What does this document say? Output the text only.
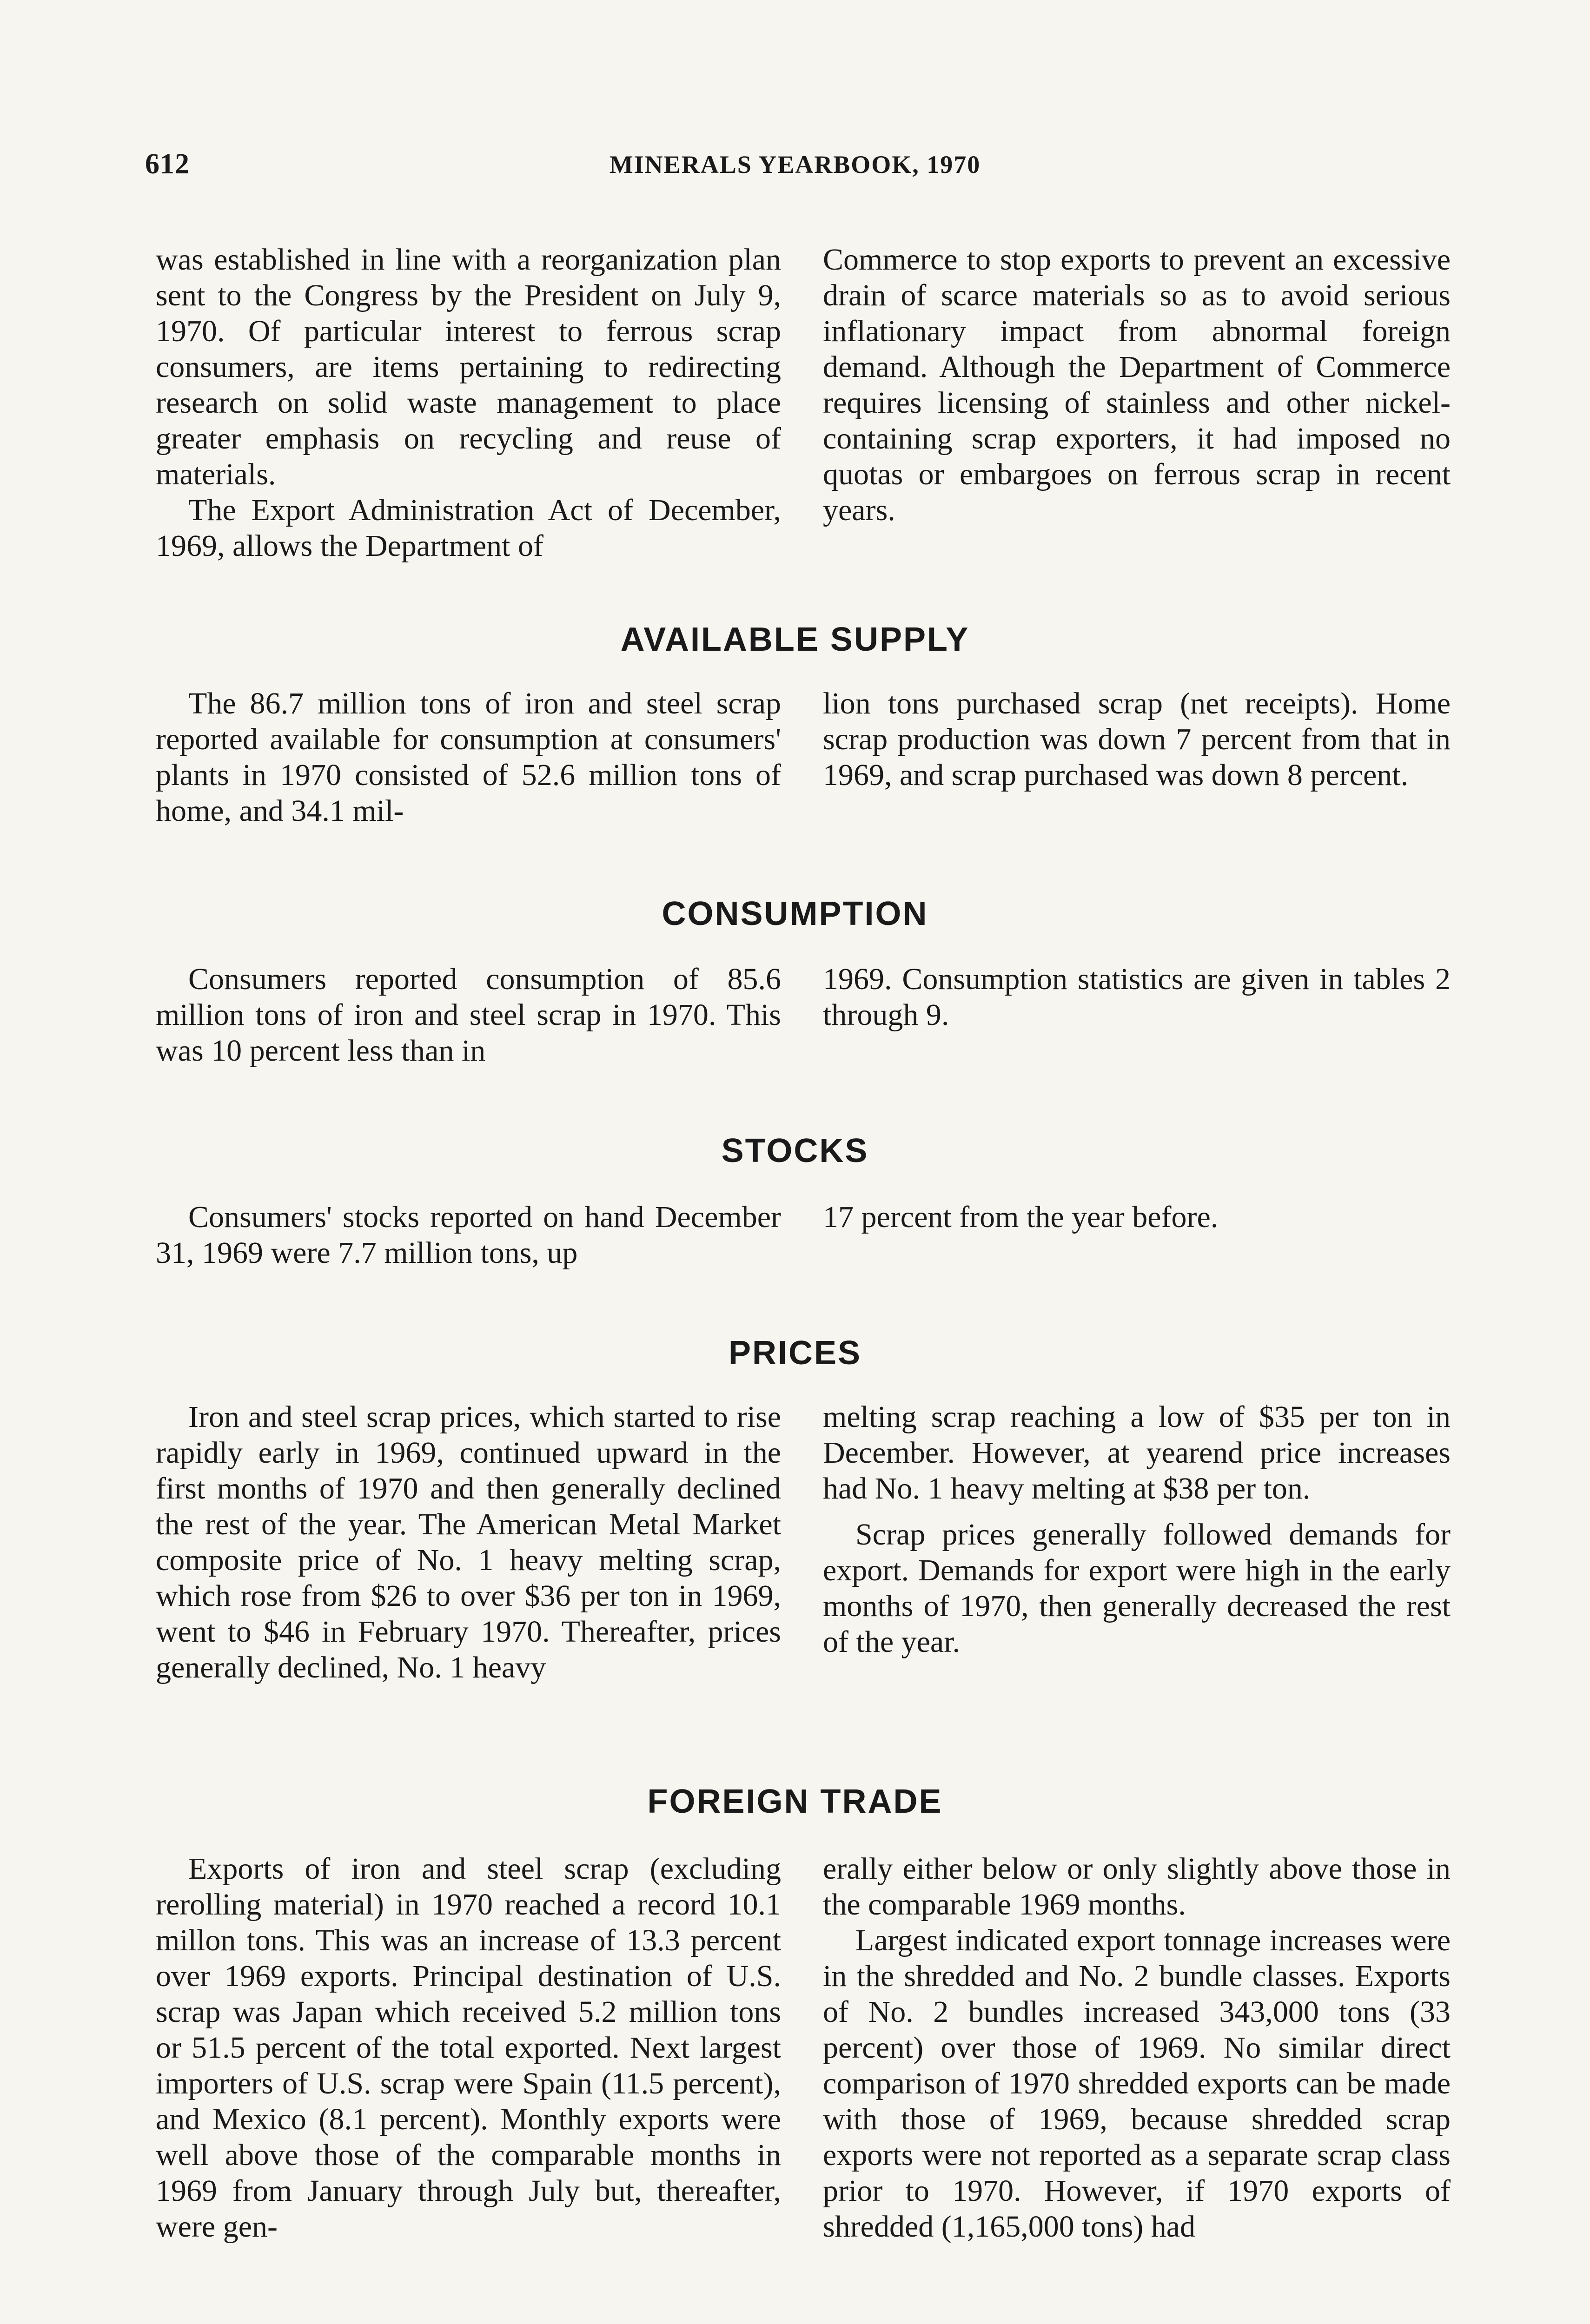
612	MINERALS YEARBOOK, 1970

was established in line with a reorganization plan sent to the Congress by the President on July 9, 1970. Of particular interest to ferrous scrap consumers, are items pertaining to redirecting research on solid waste management to place greater emphasis on recycling and reuse of materials.

The Export Administration Act of December, 1969, allows the Department of

Commerce to stop exports to prevent an excessive drain of scarce materials so as to avoid serious inflationary impact from abnormal foreign demand. Although the Department of Commerce requires licensing of stainless and other nickel-containing scrap exporters, it had imposed no quotas or embargoes on ferrous scrap in recent years.

AVAILABLE SUPPLY

The 86.7 million tons of iron and steel scrap reported available for consumption at consumers' plants in 1970 consisted of 52.6 million tons of home, and 34.1 mil-

lion tons purchased scrap (net receipts). Home scrap production was down 7 percent from that in 1969, and scrap purchased was down 8 percent.

CONSUMPTION

Consumers reported consumption of 85.6 million tons of iron and steel scrap in 1970. This was 10 percent less than in

1969. Consumption statistics are given in tables 2 through 9.

STOCKS

Consumers' stocks reported on hand December 31, 1969 were 7.7 million tons, up

17 percent from the year before.

PRICES

Iron and steel scrap prices, which started to rise rapidly early in 1969, continued upward in the first months of 1970 and then generally declined the rest of the year. The American Metal Market composite price of No. 1 heavy melting scrap, which rose from $26 to over $36 per ton in 1969, went to $46 in February 1970. Thereafter, prices generally declined, No. 1 heavy

melting scrap reaching a low of $35 per ton in December. However, at yearend price increases had No. 1 heavy melting at $38 per ton.

Scrap prices generally followed demands for export. Demands for export were high in the early months of 1970, then generally decreased the rest of the year.

FOREIGN TRADE

Exports of iron and steel scrap (excluding rerolling material) in 1970 reached a record 10.1 millon tons. This was an increase of 13.3 percent over 1969 exports. Principal destination of U.S. scrap was Japan which received 5.2 million tons or 51.5 percent of the total exported. Next largest importers of U.S. scrap were Spain (11.5 percent), and Mexico (8.1 percent). Monthly exports were well above those of the comparable months in 1969 from January through July but, thereafter, were gen-

erally either below or only slightly above those in the comparable 1969 months.

Largest indicated export tonnage increases were in the shredded and No. 2 bundle classes. Exports of No. 2 bundles increased 343,000 tons (33 percent) over those of 1969. No similar direct comparison of 1970 shredded exports can be made with those of 1969, because shredded scrap exports were not reported as a separate scrap class prior to 1970. However, if 1970 exports of shredded (1,165,000 tons) had
